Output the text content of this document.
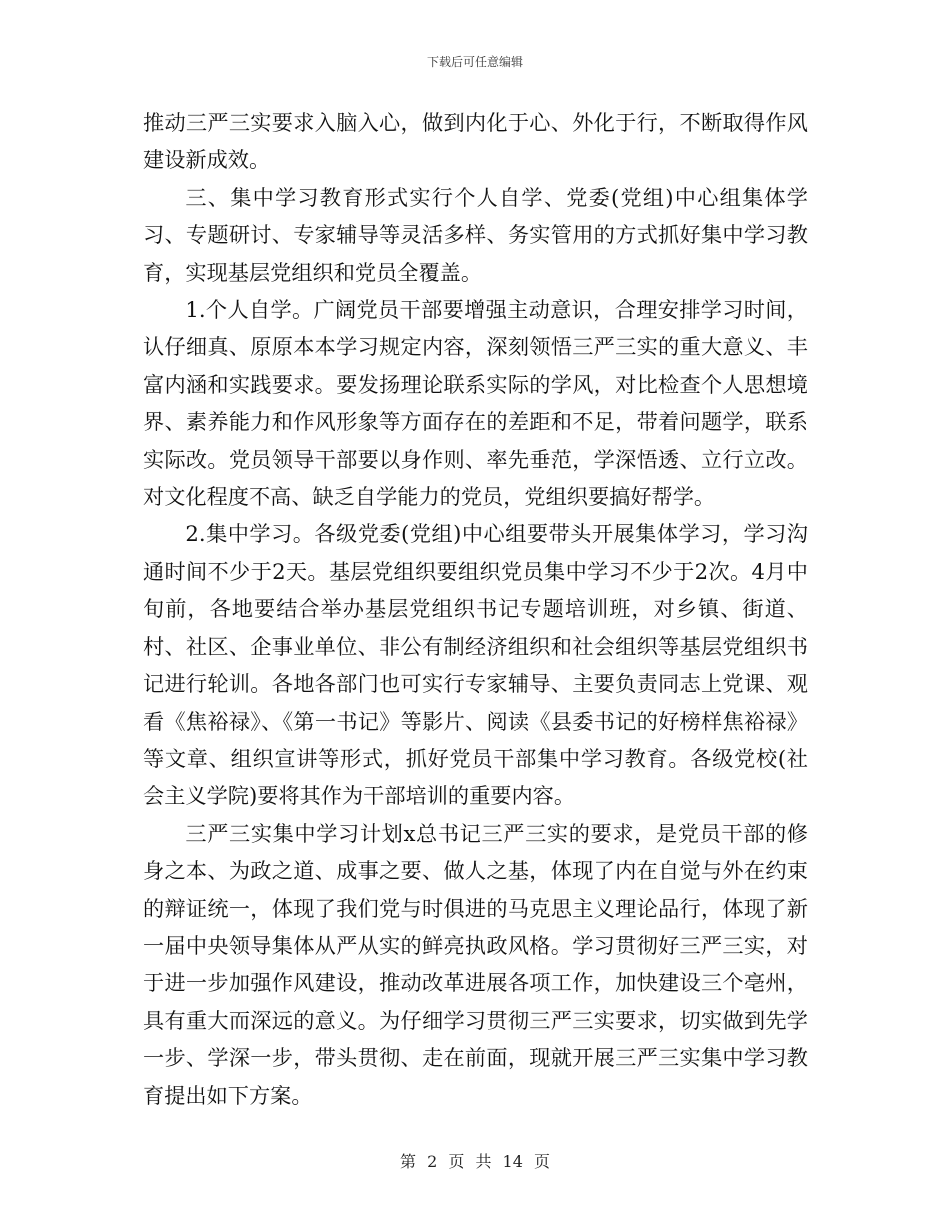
下载后可任意编辑

推动三严三实要求入脑入心，做到内化于心、外化于行，不断取得作风建设新成效。

三、集中学习教育形式实行个人自学、党委(党组)中心组集体学习、专题研讨、专家辅导等灵活多样、务实管用的方式抓好集中学习教育，实现基层党组织和党员全覆盖。

1.个人自学。广阔党员干部要增强主动意识，合理安排学习时间，认仔细真、原原本本学习规定内容，深刻领悟三严三实的重大意义、丰富内涵和实践要求。要发扬理论联系实际的学风，对比检查个人思想境界、素养能力和作风形象等方面存在的差距和不足，带着问题学，联系实际改。党员领导干部要以身作则、率先垂范，学深悟透、立行立改。对文化程度不高、缺乏自学能力的党员，党组织要搞好帮学。

2.集中学习。各级党委(党组)中心组要带头开展集体学习，学习沟通时间不少于2天。基层党组织要组织党员集中学习不少于2次。4月中旬前，各地要结合举办基层党组织书记专题培训班，对乡镇、街道、村、社区、企事业单位、非公有制经济组织和社会组织等基层党组织书记进行轮训。各地各部门也可实行专家辅导、主要负责同志上党课、观看《焦裕禄》、《第一书记》等影片、阅读《县委书记的好榜样焦裕禄》等文章、组织宣讲等形式，抓好党员干部集中学习教育。各级党校(社会主义学院)要将其作为干部培训的重要内容。

三严三实集中学习计划x总书记三严三实的要求，是党员干部的修身之本、为政之道、成事之要、做人之基，体现了内在自觉与外在约束的辩证统一，体现了我们党与时俱进的马克思主义理论品行，体现了新一届中央领导集体从严从实的鲜亮执政风格。学习贯彻好三严三实，对于进一步加强作风建设，推动改革进展各项工作，加快建设三个亳州，具有重大而深远的意义。为仔细学习贯彻三严三实要求，切实做到先学一步、学深一步，带头贯彻、走在前面，现就开展三严三实集中学习教育提出如下方案。

第 2 页 共 14 页
